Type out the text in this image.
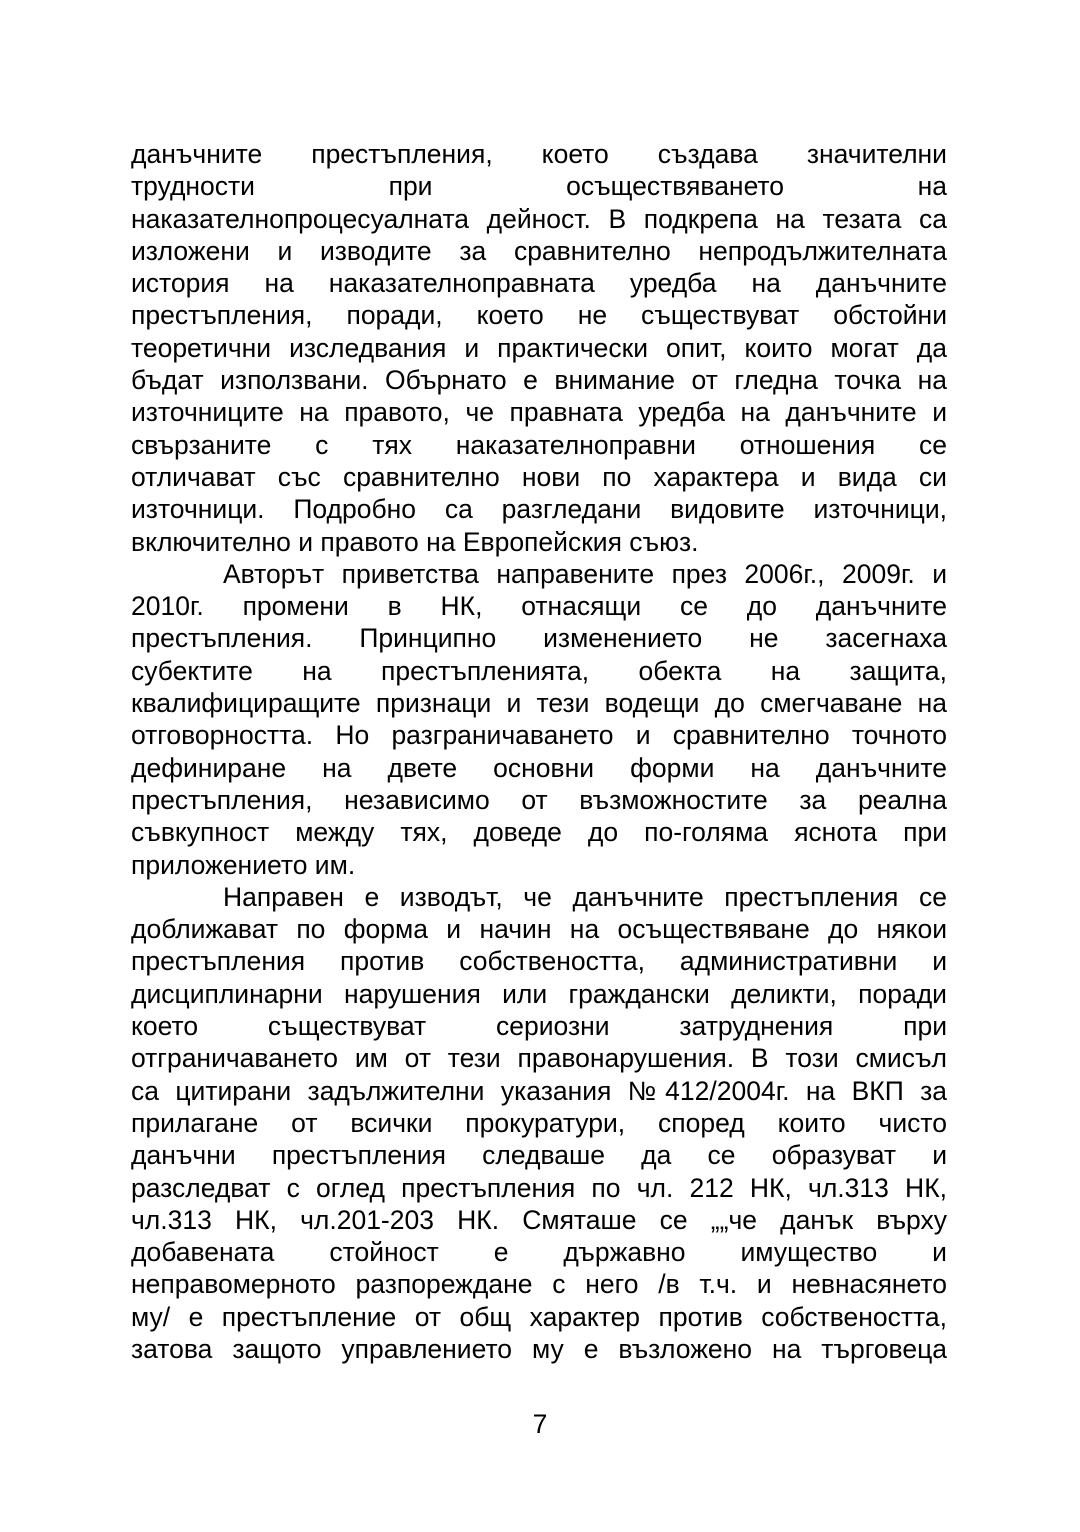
данъчните престъпления, което създава значителни
трудности при осъществяването на
наказателнопроцесуалната дейност. В подкрепа на тезата са
изложени и изводите за сравнително непродължителната
история на наказателноправната уредба на данъчните
престъпления, поради, което не съществуват обстойни
теоретични изследвания и практически опит, които могат да
бъдат използвани. Обърнато е внимание от гледна точка на
източниците на правото, че правната уредба на данъчните и
свързаните с тях наказателноправни отношения се
отличават със сравнително нови по характера и вида си
източници. Подробно са разгледани видовите източници,
включително и правото на Европейския съюз.

Авторът приветства направените през 2006г., 2009г. и
2010г. промени в НК, отнасящи се до данъчните
престъпления. Принципно изменението не засегнаха
субектите на престъпленията, обекта на защита,
квалифициращите признаци и тези водещи до смегчаване на
отговорността. Но разграничаването и сравнително точното
дефиниране на двете основни форми на данъчните
престъпления, независимо от възможностите за реална
съвкупност между тях, доведе до по-голяма яснота при
приложението им.

Направен е изводът, че данъчните престъпления се
доближават по форма и начин на осъществяване до някои
престъпления против собствеността, административни и
дисциплинарни нарушения или граждански деликти, поради
което съществуват сериозни затруднения при
отграничаването им от тези правонарушения. В този смисъл
са цитирани задължителни указания №412/2004г. на ВКП за
прилагане от всички прокуратури, според които чисто
данъчни престъпления следваше да се образуват и
разследват с оглед престъпления по чл. 212 НК, чл.313 НК,
чл.313 НК, чл.201-203 НК. Смяташе се „„че данък върху
добавената стойност е държавно имущество и
неправомерното разпореждане с него /в т.ч. и невнасянето
му/ е престъпление от общ характер против собствеността,
затова защото управлението му е възложено на търговеца

7
